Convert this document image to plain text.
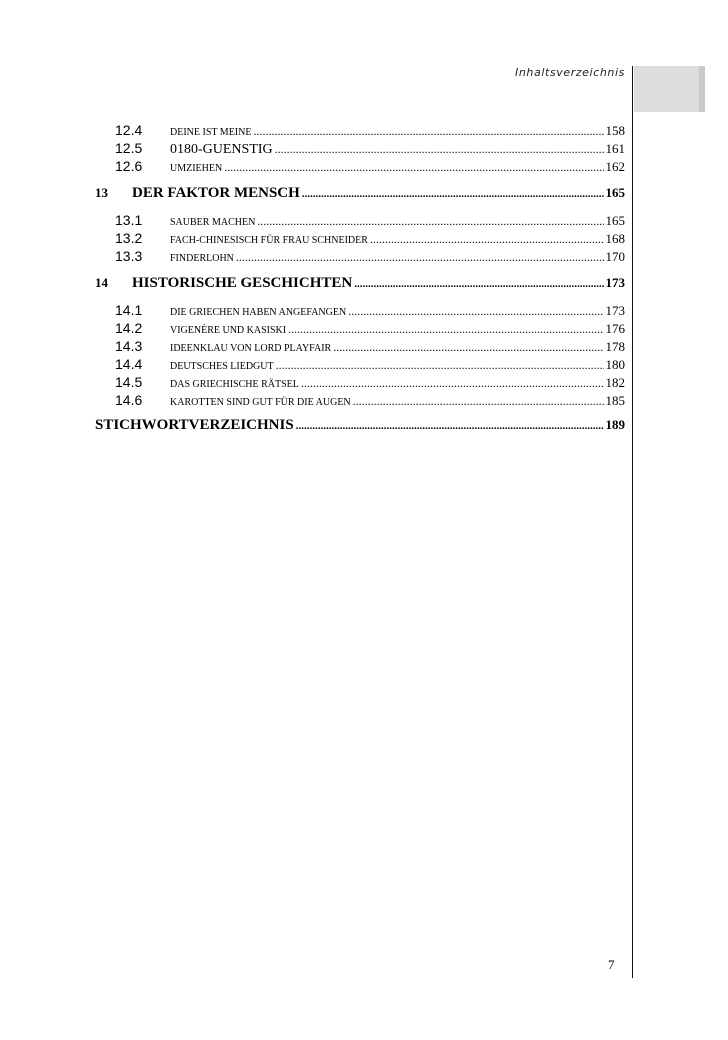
Inhaltsverzeichnis
12.4	DEINE IST MEINE .....	158
12.5	0180-GUENSTIG .....	161
12.6	UMZIEHEN .....	162
13	DER FAKTOR MENSCH .....	165
13.1	SAUBER MACHEN .....	165
13.2	FACH-CHINESISCH FÜR FRAU SCHNEIDER .....	168
13.3	FINDERLOHN .....	170
14	HISTORISCHE GESCHICHTEN .....	173
14.1	DIE GRIECHEN HABEN ANGEFANGEN .....	173
14.2	VIGENÈRE UND KASISKI .....	176
14.3	IDEENKLAU VON LORD PLAYFAIR .....	178
14.4	DEUTSCHES LIEDGUT .....	180
14.5	DAS GRIECHISCHE RÄTSEL .....	182
14.6	KAROTTEN SIND GUT FÜR DIE AUGEN .....	185
STICHWORTVERZEICHNIS .....	189
7
